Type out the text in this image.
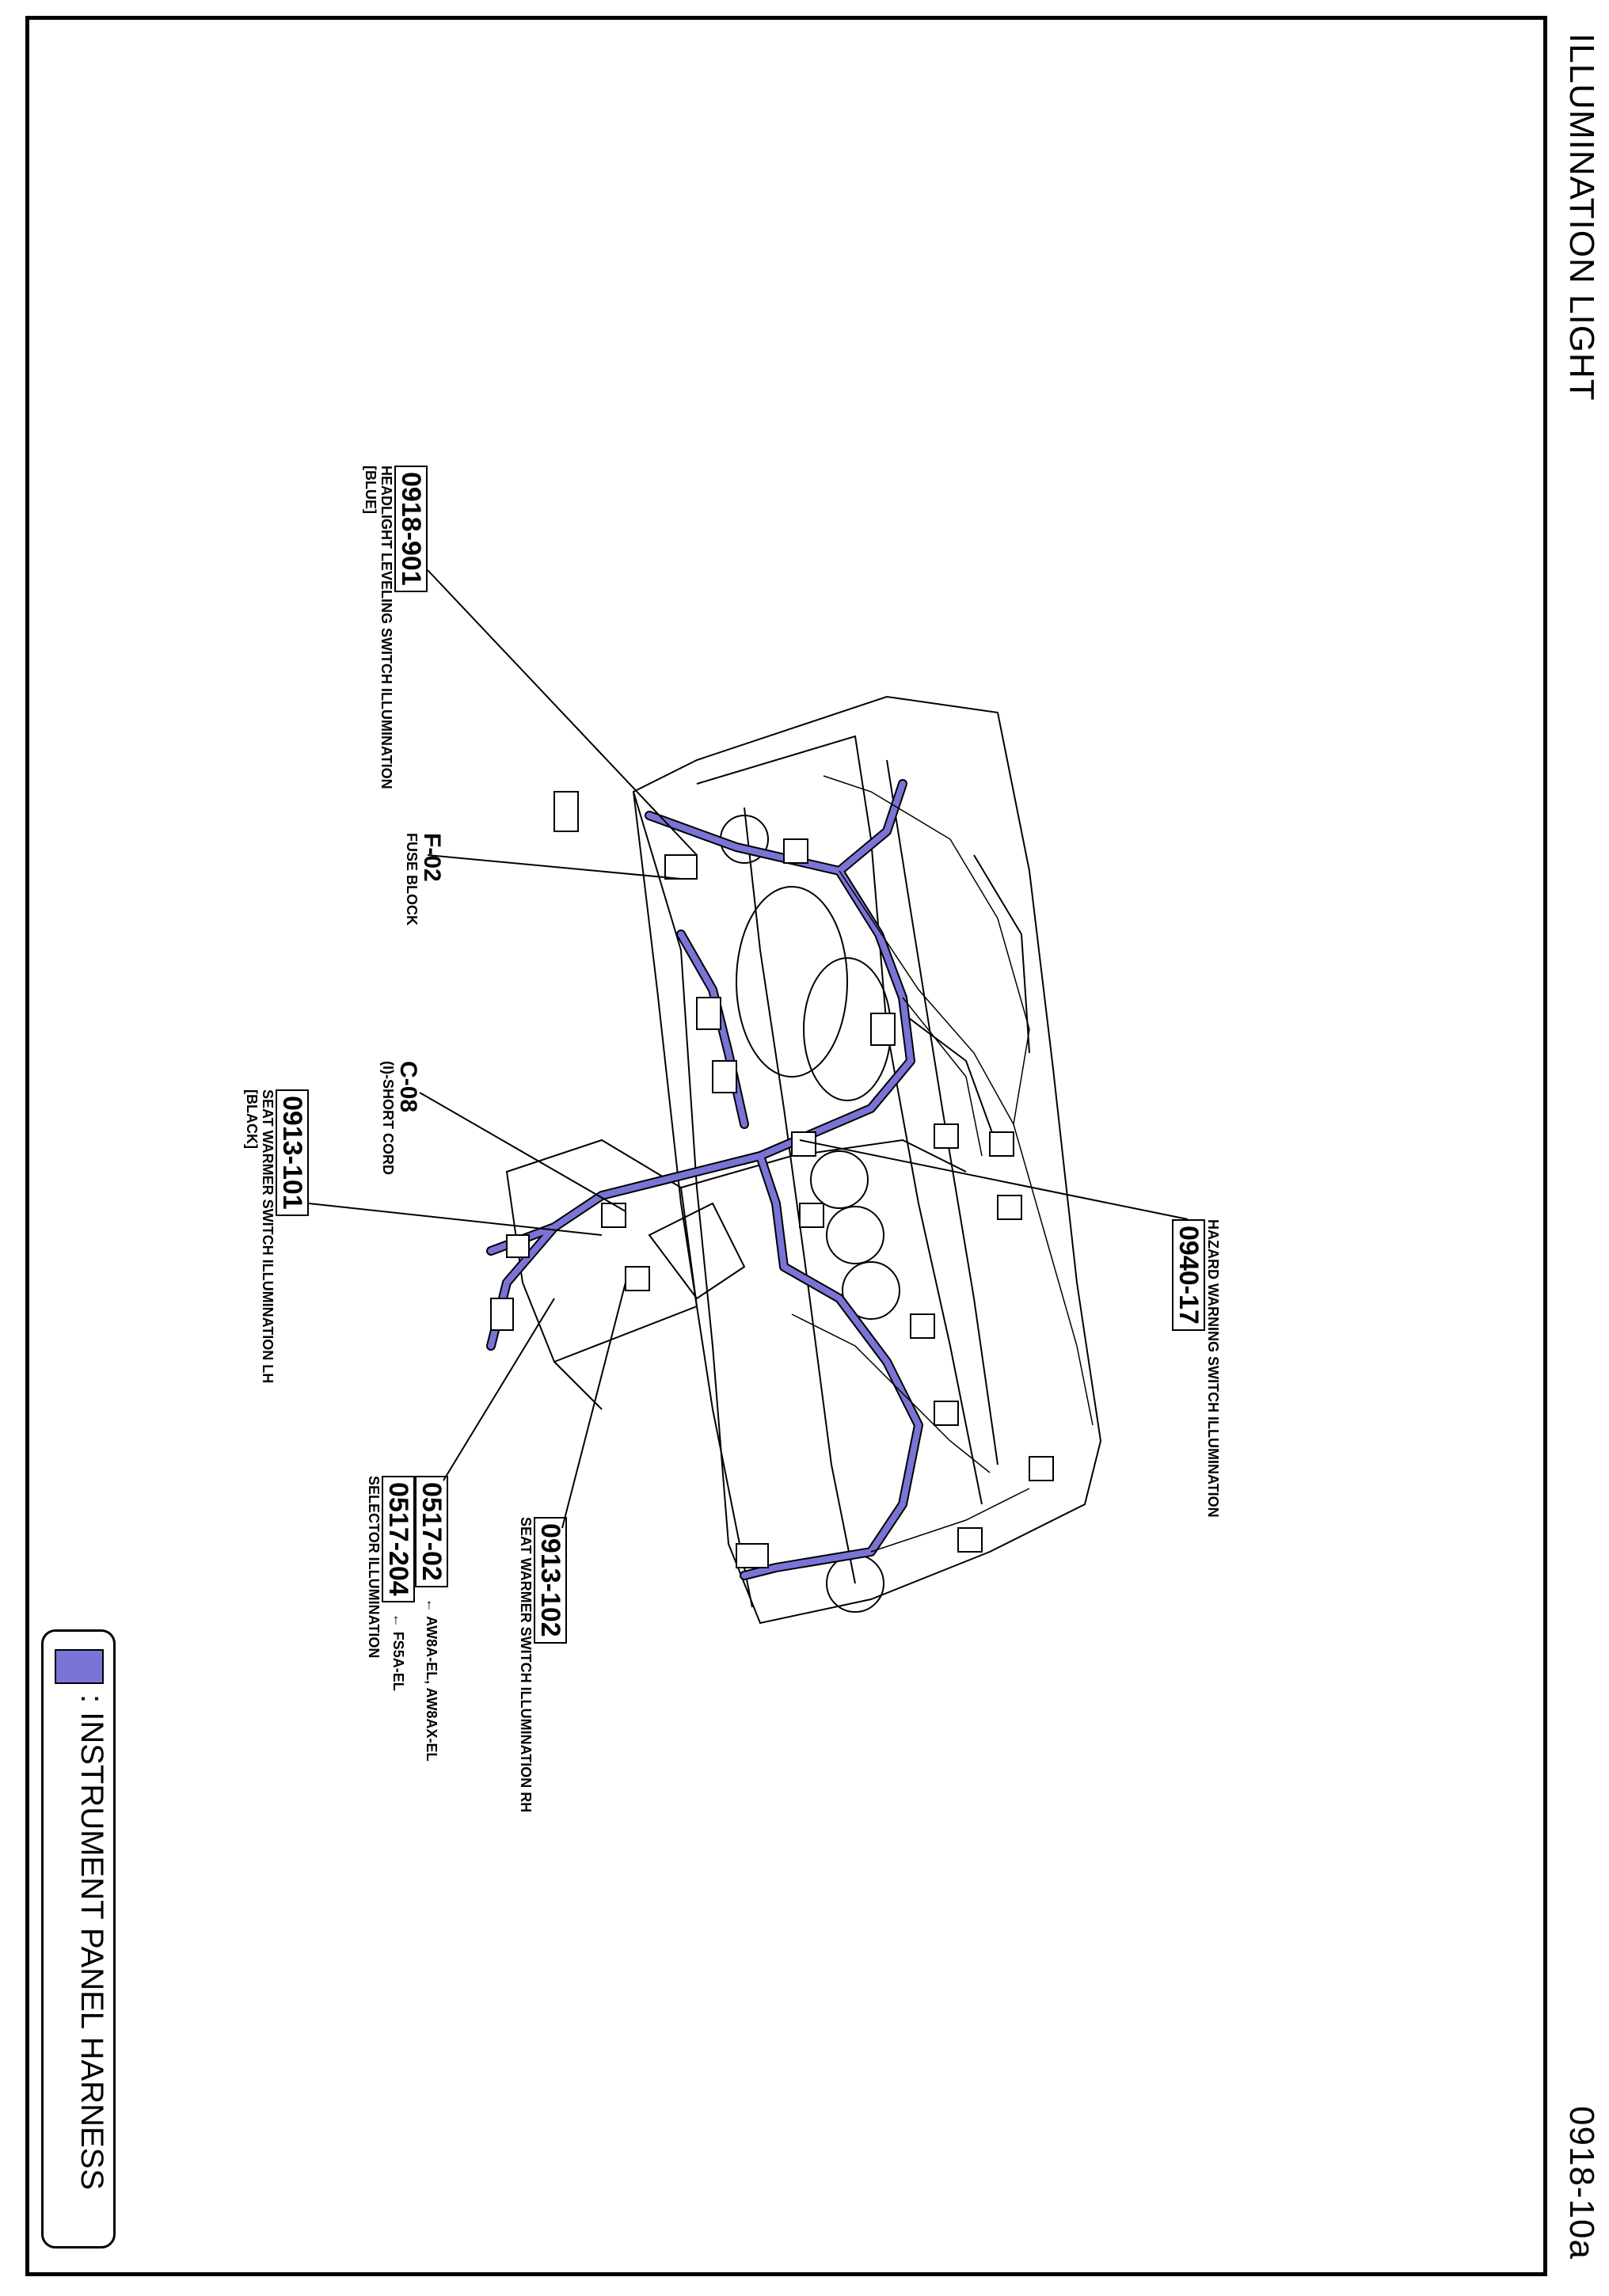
ILLUMINATION LIGHT
0918-10a
0918-901
HEADLIGHT LEVELING SWITCH ILLUMINATION
[BLUE]
F-02
FUSE BLOCK
C-08
(I)-SHORT CORD
0913-101
SEAT WARMER SWITCH ILLUMINATION LH
[BLACK]
HAZARD WARNING SWITCH ILLUMINATION
0940-17
0913-102
SEAT WARMER SWITCH ILLUMINATION RH
0517-02
← AW8A-EL, AW8AX-EL
0517-204
← FS5A-EL
SELECTOR ILLUMINATION
: INSTRUMENT PANEL HARNESS
